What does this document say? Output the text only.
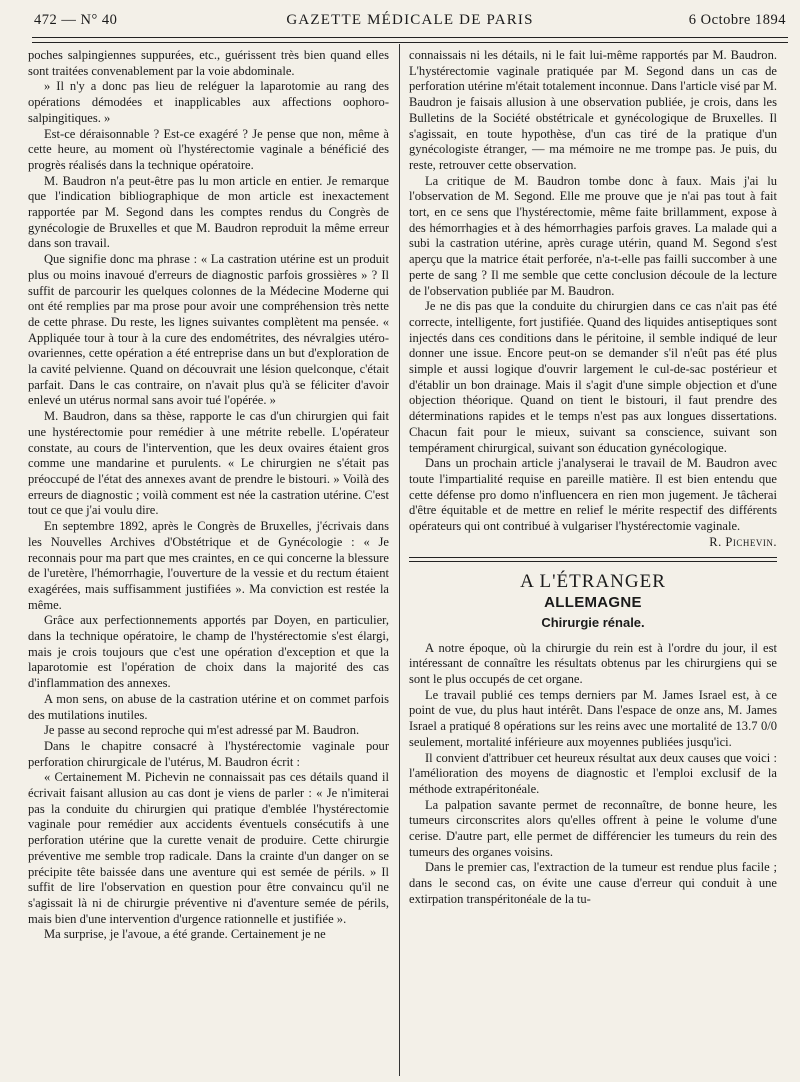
472 — N° 40	GAZETTE MÉDICALE DE PARIS	6 Octobre 1894

poches salpingiennes suppurées, etc., guérissent très bien quand elles sont traitées convenablement par la voie abdominale.

» Il n'y a donc pas lieu de reléguer la laparotomie au rang des opérations démodées et inapplicables aux affections oophoro-salpingitiques. »

Est-ce déraisonnable ? Est-ce exagéré ? Je pense que non, même à cette heure, au moment où l'hystérectomie vaginale a bénéficié des progrès réalisés dans la technique opératoire.

M. Baudron n'a peut-être pas lu mon article en entier. Je remarque que l'indication bibliographique de mon article est inexactement rapportée par M. Segond dans les comptes rendus du Congrès de gynécologie de Bruxelles et que M. Baudron reproduit la même erreur dans son travail.

Que signifie donc ma phrase : « La castration utérine est un produit plus ou moins inavoué d'erreurs de diagnostic parfois grossières » ? Il suffit de parcourir les quelques colonnes de la Médecine Moderne qui ont été remplies par ma prose pour avoir une compréhension très nette de cette phrase. Du reste, les lignes suivantes complètent ma pensée. « Appliquée tour à tour à la cure des endométrites, des névralgies utéro-ovariennes, cette opération a été entreprise dans un but d'exploration de la cavité pelvienne. Quand on découvrait une lésion quelconque, c'était parfait. Dans le cas contraire, on n'avait plus qu'à se féliciter d'avoir enlevé un utérus normal sans avoir tué l'opérée. »

M. Baudron, dans sa thèse, rapporte le cas d'un chirurgien qui fait une hystérectomie pour remédier à une métrite rebelle. L'opérateur constate, au cours de l'intervention, que les deux ovaires étaient gros comme une mandarine et purulents. « Le chirurgien ne s'était pas préoccupé de l'état des annexes avant de prendre le bistouri. » Voilà des erreurs de diagnostic ; voilà comment est née la castration utérine. C'est tout ce que j'ai voulu dire.

En septembre 1892, après le Congrès de Bruxelles, j'écrivais dans les Nouvelles Archives d'Obstétrique et de Gynécologie : « Je reconnais pour ma part que mes craintes, en ce qui concerne la blessure de l'uretère, l'hémorrhagie, l'ouverture de la vessie et du rectum étaient exagérées, mais suffisamment justifiées ». Ma conviction est restée la même.

Grâce aux perfectionnements apportés par Doyen, en particulier, dans la technique opératoire, le champ de l'hystérectomie s'est élargi, mais je crois toujours que c'est une opération d'exception et que la laparotomie est l'opération de choix dans la majorité des cas d'inflammation des annexes.

A mon sens, on abuse de la castration utérine et on commet parfois des mutilations inutiles.

Je passe au second reproche qui m'est adressé par M. Baudron.

Dans le chapitre consacré à l'hystérectomie vaginale pour perforation chirurgicale de l'utérus, M. Baudron écrit :

« Certainement M. Pichevin ne connaissait pas ces détails quand il écrivait faisant allusion au cas dont je viens de parler : « Je n'imiterai pas la conduite du chirurgien qui pratique d'emblée l'hystérectomie vaginale pour remédier aux accidents éventuels consécutifs à une perforation utérine que la curette venait de produire. Cette chirurgie préventive me semble trop radicale. Dans la crainte d'un danger on se précipite tête baissée dans une aventure qui est semée de périls. » Il suffit de lire l'observation en question pour être convaincu qu'il ne s'agissait là ni de chirurgie préventive ni d'aventure semée de périls, mais bien d'une intervention d'urgence rationnelle et justifiée ».

Ma surprise, je l'avoue, a été grande. Certainement je ne

connaissais ni les détails, ni le fait lui-même rapportés par M. Baudron. L'hystérectomie vaginale pratiquée par M. Segond dans un cas de perforation utérine m'était totalement inconnue. Dans l'article visé par M. Baudron je faisais allusion à une observation publiée, je crois, dans les Bulletins de la Société obstétricale et gynécologique de Bruxelles. Il s'agissait, en toute hypothèse, d'un cas tiré de la pratique d'un gynécologiste étranger, — ma mémoire ne me trompe pas. Je puis, du reste, retrouver cette observation.

La critique de M. Baudron tombe donc à faux. Mais j'ai lu l'observation de M. Segond. Elle me prouve que je n'ai pas tout à fait tort, en ce sens que l'hystérectomie, même faite brillamment, expose à des hémorrhagies et à des hémorrhagies parfois graves. La malade qui a subi la castration utérine, après curage utérin, quand M. Segond s'est aperçu que la matrice était perforée, n'a-t-elle pas failli succomber à une perte de sang ? Il me semble que cette conclusion découle de la lecture de l'observation publiée par M. Baudron.

Je ne dis pas que la conduite du chirurgien dans ce cas n'ait pas été correcte, intelligente, fort justifiée. Quand des liquides antiseptiques sont injectés dans ces conditions dans le péritoine, il semble indiqué de leur donner une issue. Encore peut-on se demander s'il n'eût pas été plus simple et aussi logique d'ouvrir largement le cul-de-sac postérieur et d'établir un bon drainage. Mais il s'agit d'une simple objection et d'une objection théorique. Quand on tient le bistouri, il faut prendre des déterminations rapides et le temps n'est pas aux longues dissertations. Chacun fait pour le mieux, suivant sa conscience, suivant son tempérament chirurgical, suivant son éducation gynécologique.

Dans un prochain article j'analyserai le travail de M. Baudron avec toute l'impartialité requise en pareille matière. Il est bien entendu que cette défense pro domo n'influencera en rien mon jugement. Je tâcherai d'être équitable et de mettre en relief le mérite respectif des différents opérateurs qui ont contribué à vulgariser l'hystérectomie vaginale.

R. Pichevin.
A L'ÉTRANGER
ALLEMAGNE
Chirurgie rénale.

A notre époque, où la chirurgie du rein est à l'ordre du jour, il est intéressant de connaître les résultats obtenus par les chirurgiens qui se sont le plus occupés de cet organe.

Le travail publié ces temps derniers par M. James Israel est, à ce point de vue, du plus haut intérêt. Dans l'espace de onze ans, M. James Israel a pratiqué 8 opérations sur les reins avec une mortalité de 13.7 0/0 seulement, mortalité inférieure aux moyennes publiées jusqu'ici.

Il convient d'attribuer cet heureux résultat aux deux causes que voici : l'amélioration des moyens de diagnostic et l'emploi exclusif de la méthode extrapéritonéale.

La palpation savante permet de reconnaître, de bonne heure, les tumeurs circonscrites alors qu'elles offrent à peine le volume d'une cerise. D'autre part, elle permet de différencier les tumeurs du rein des tumeurs des organes voisins.

Dans le premier cas, l'extraction de la tumeur est rendue plus facile ; dans le second cas, on évite une cause d'erreur qui conduit à une extirpation transpéritonéale de la tu-
